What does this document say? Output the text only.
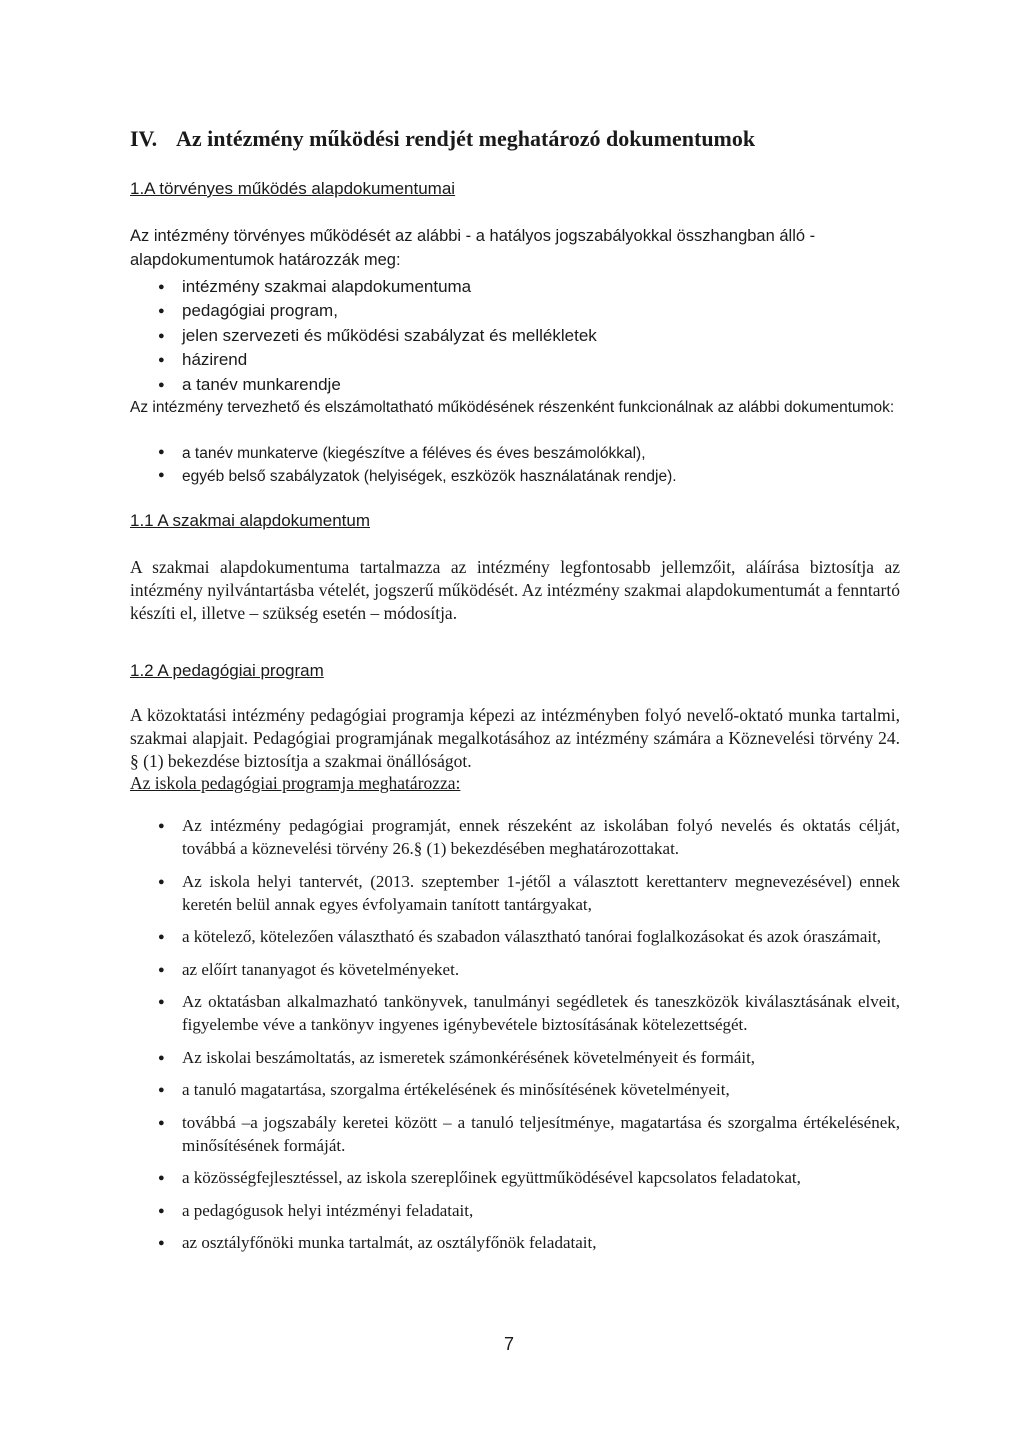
IV. Az intézmény működési rendjét meghatározó dokumentumok
1.A törvényes működés alapdokumentumai

Az intézmény törvényes működését az alábbi - a hatályos jogszabályokkal összhangban álló - alapdokumentumok határozzák meg:

● intézmény szakmai alapdokumentuma
● pedagógiai program,
● jelen szervezeti és működési szabályzat és mellékletek
● házirend
● a tanév munkarendje

Az intézmény tervezhető és elszámoltatható működésének részenként funkcionálnak az alábbi dokumentumok:

● a tanév munkaterve (kiegészítve a féléves és éves beszámolókkal),
● egyéb belső szabályzatok (helyiségek, eszközök használatának rendje).
1.1 A szakmai alapdokumentum

A szakmai alapdokumentuma tartalmazza az intézmény legfontosabb jellemzőit, aláírása biztosítja az intézmény nyilvántartásba vételét, jogszerű működését. Az intézmény szakmai alapdokumentumát a fenntartó készíti el, illetve – szükség esetén – módosítja.

1.2 A pedagógiai program

A közoktatási intézmény pedagógiai programja képezi az intézményben folyó nevelő-oktató munka tartalmi, szakmai alapjait. Pedagógiai programjának megalkotásához az intézmény számára a Köznevelési törvény 24. § (1) bekezdése biztosítja a szakmai önállóságot.

Az iskola pedagógiai programja meghatározza:
● Az intézmény pedagógiai programját, ennek részeként az iskolában folyó nevelés és oktatás célját, továbbá a köznevelési törvény 26.§ (1) bekezdésében meghatározottakat.
● Az iskola helyi tantervét, (2013. szeptember 1-jétől a választott kerettanterv megnevezésével) ennek keretén belül annak egyes évfolyamain tanított tantárgyakat,
● a kötelező, kötelezően választható és szabadon választható tanórai foglalkozásokat és azok óraszámait,
● az előírt tananyagot és követelményeket.
● Az oktatásban alkalmazható tankönyvek, tanulmányi segédletek és taneszközök kiválasztásának elveit, figyelembe véve a tankönyv ingyenes igénybevétele biztosításának kötelezettségét.
● Az iskolai beszámoltatás, az ismeretek számonkérésének követelményeit és formáit,
● a tanuló magatartása, szorgalma értékelésének és minősítésének követelményeit,
● továbbá –a jogszabály keretei között – a tanuló teljesítménye, magatartása és szorgalma értékelésének, minősítésének formáját.
● a közösségfejlesztéssel, az iskola szereplőinek együttműködésével kapcsolatos feladatokat,
● a pedagógusok helyi intézményi feladatait,
● az osztályfőnöki munka tartalmát, az osztályfőnök feladatait,
7
